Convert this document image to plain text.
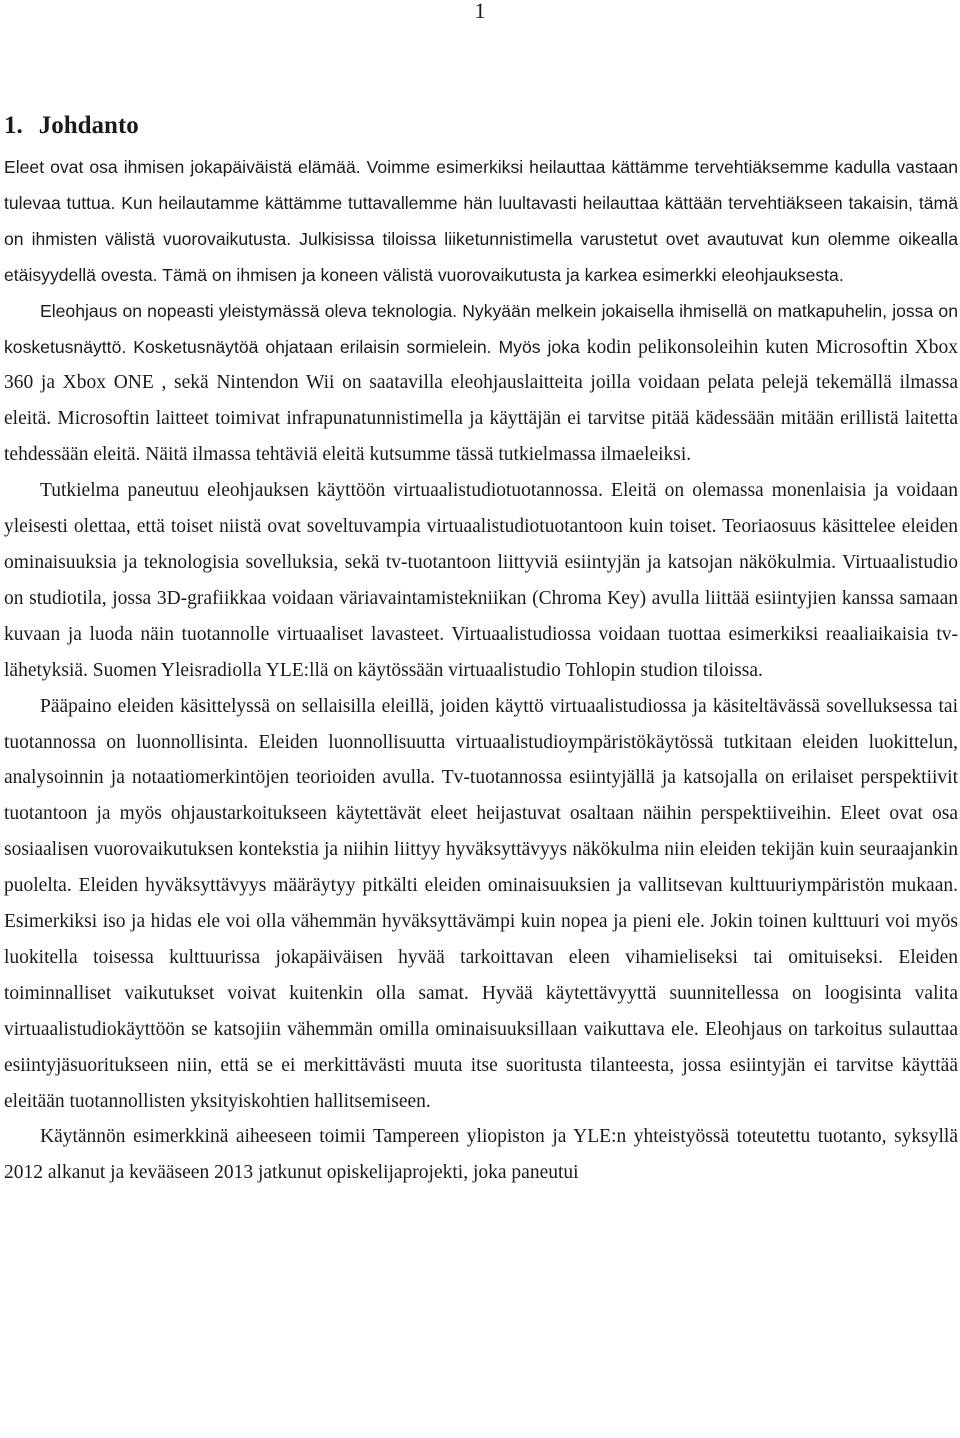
1
1. Johdanto

Eleet ovat osa ihmisen jokapäiväistä elämää. Voimme esimerkiksi heilauttaa kättämme tervehtiäksemme kadulla vastaan tulevaa tuttua. Kun heilautamme kättämme tuttavallemme hän luultavasti heilauttaa kättään tervehtiäkseen takaisin, tämä on ihmisten välistä vuorovaikutusta. Julkisissa tiloissa liiketunnistimella varustetut ovet avautuvat kun olemme oikealla etäisyydellä ovesta. Tämä on ihmisen ja koneen välistä vuorovaikutusta ja karkea esimerkki eleohjauksesta.

Eleohjaus on nopeasti yleistymässä oleva teknologia. Nykyään melkein jokaisella ihmisellä on matkapuhelin, jossa on kosketusnäyttö. Kosketusnäytöä ohjataan erilaisin sormielein. Myös joka kodin pelikonsoleihin kuten Microsoftin Xbox 360 ja Xbox ONE , sekä Nintendon Wii on saatavilla eleohjauslaitteita joilla voidaan pelata pelejä tekemällä ilmassa eleitä. Microsoftin laitteet toimivat infrapunatunnistimella ja käyttäjän ei tarvitse pitää kädessään mitään erillistä laitetta tehdessään eleitä. Näitä ilmassa tehtäviä eleitä kutsumme tässä tutkielmassa ilmaeleiksi.

Tutkielma paneutuu eleohjauksen käyttöön virtuaalistudiotuotannossa. Eleitä on olemassa monenlaisia ja voidaan yleisesti olettaa, että toiset niistä ovat soveltuvampia virtuaalistudiotuotantoon kuin toiset. Teoriaosuus käsittelee eleiden ominaisuuksia ja teknologisia sovelluksia, sekä tv-tuotantoon liittyviä esiintyjän ja katsojan näkökulmia. Virtuaalistudio on studiotila, jossa 3D-grafiikkaa voidaan väriavaintamistekniikan (Chroma Key) avulla liittää esiintyjien kanssa samaan kuvaan ja luoda näin tuotannolle virtuaaliset lavasteet. Virtuaalistudiossa voidaan tuottaa esimerkiksi reaaliaikaisia tv-lähetyksiä. Suomen Yleisradiolla YLE:llä on käytössään virtuaalistudio Tohlopin studion tiloissa.

Pääpaino eleiden käsittelyssä on sellaisilla eleillä, joiden käyttö virtuaalistudiossa ja käsiteltävässä sovelluksessa tai tuotannossa on luonnollisinta. Eleiden luonnollisuutta virtuaalistudioympäristökäytössä tutkitaan eleiden luokittelun, analysoinnin ja notaatiomerkintöjen teorioiden avulla. Tv-tuotannossa esiintyjällä ja katsojalla on erilaiset perspektiivit tuotantoon ja myös ohjaustarkoitukseen käytettävät eleet heijastuvat osaltaan näihin perspektiiveihin. Eleet ovat osa sosiaalisen vuorovaikutuksen kontekstia ja niihin liittyy hyväksyttävyys näkökulma niin eleiden tekijän kuin seuraajankin puolelta. Eleiden hyväksyttävyys määräytyy pitkälti eleiden ominaisuuksien ja vallitsevan kulttuuriympäristön mukaan. Esimerkiksi iso ja hidas ele voi olla vähemmän hyväksyttävämpi kuin nopea ja pieni ele. Jokin toinen kulttuuri voi myös luokitella toisessa kulttuurissa jokapäiväisen hyvää tarkoittavan eleen vihamieliseksi tai omituiseksi. Eleiden toiminnalliset vaikutukset voivat kuitenkin olla samat. Hyvää käytettävyyttä suunnitellessa on loogisinta valita virtuaalistudiokäyttöön se katsojiin vähemmän omilla ominaisuuksillaan vaikuttava ele. Eleohjaus on tarkoitus sulauttaa esiintyjäsuoritukseen niin, että se ei merkittävästi muuta itse suoritusta tilanteesta, jossa esiintyjän ei tarvitse käyttää eleitään tuotannollisten yksityiskohtien hallitsemiseen.

Käytännön esimerkkinä aiheeseen toimii Tampereen yliopiston ja YLE:n yhteistyössä toteutettu tuotanto, syksyllä 2012 alkanut ja kevääseen 2013 jatkunut opiskelijaprojekti, joka paneutui
